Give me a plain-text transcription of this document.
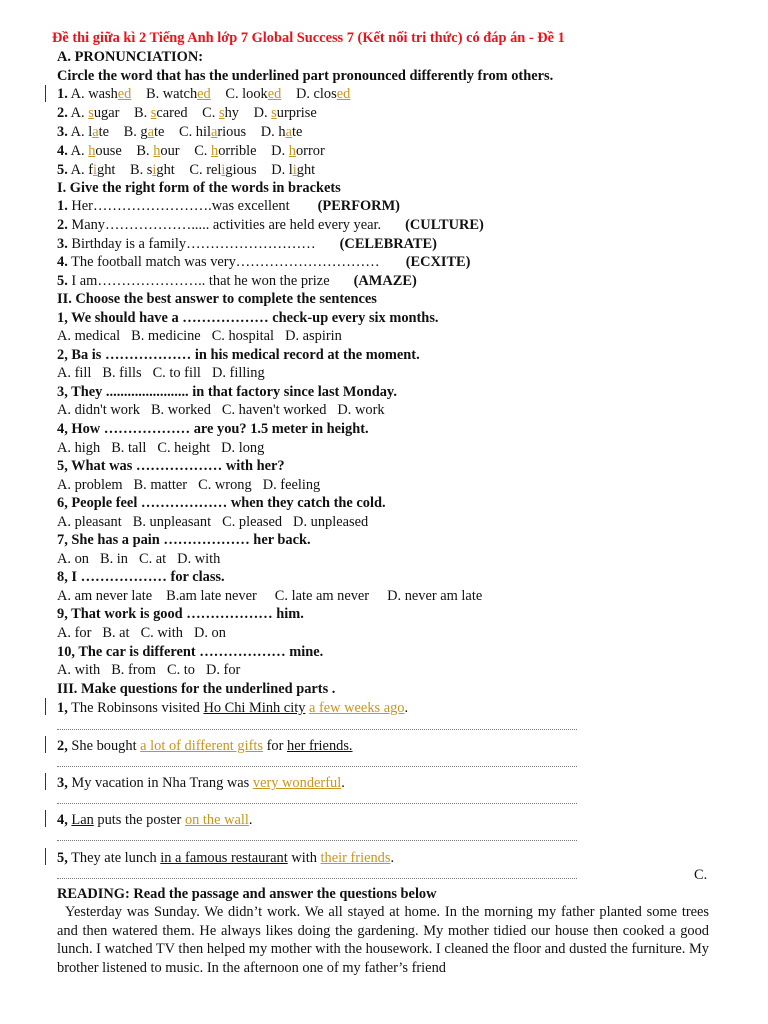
Đề thi giữa kì 2 Tiếng Anh lớp 7 Global Success 7 (Kết nối tri thức) có đáp án - Đề 1
A. PRONUNCIATION:
Circle the word that has the underlined part pronounced differently from others.
1. A. washed B. watched C. looked D. closed
2. A. sugar B. scared C. shy D. surprise
3. A. late B. gate C. hilarious D. hate
4. A. house B. hour C. horrible D. horror
5. A. fight B. sight C. religious D. light
I. Give the right form of the words in brackets
1. Her…………………….was excellent (PERFORM)
2. Many………………..... activities are held every year. (CULTURE)
3. Birthday is a family……………………… (CELEBRATE)
4. The football match was very………………………… (ECXITE)
5. I am………………….. that he won the prize (AMAZE)
II. Choose the best answer to complete the sentences
1, We should have a ……………… check-up every six months.
A. medical B. medicine C. hospital D. aspirin
2, Ba is ……………… in his medical record at the moment.
A. fill B. fills C. to fill D. filling
3, They ....................... in that factory since last Monday.
A. didn't work B. worked C. haven't worked D. work
4, How ……………… are you? 1.5 meter in height.
A. high B. tall C. height D. long
5, What was ……………… with her?
A. problem B. matter C. wrong D. feeling
6, People feel ……………… when they catch the cold.
A. pleasant B. unpleasant C. pleased D. unpleased
7, She has a pain ……………… her back.
A. on B. in C. at D. with
8, I ……………… for class.
A. am never late B.am late never C. late am never D. never am late
9, That work is good ……………… him.
A. for B. at C. with D. on
10, The car is different ……………… mine.
A. with B. from C. to D. for
III. Make questions for the underlined parts .
1, The Robinsons visited Ho Chi Minh city a few weeks ago.
2, She bought a lot of different gifts for her friends.
3, My vacation in Nha Trang was very wonderful.
4, Lan puts the poster on the wall.
5, They ate lunch in a famous restaurant with their friends.
C.
READING: Read the passage and answer the questions below
Yesterday was Sunday. We didn’t work. We all stayed at home. In the morning my father planted some trees and then watered them. He always likes doing the gardening. My mother tidied our house then cooked a good lunch. I watched TV then helped my mother with the housework. I cleaned the floor and dusted the furniture. My brother listened to music. In the afternoon one of my father’s friend
